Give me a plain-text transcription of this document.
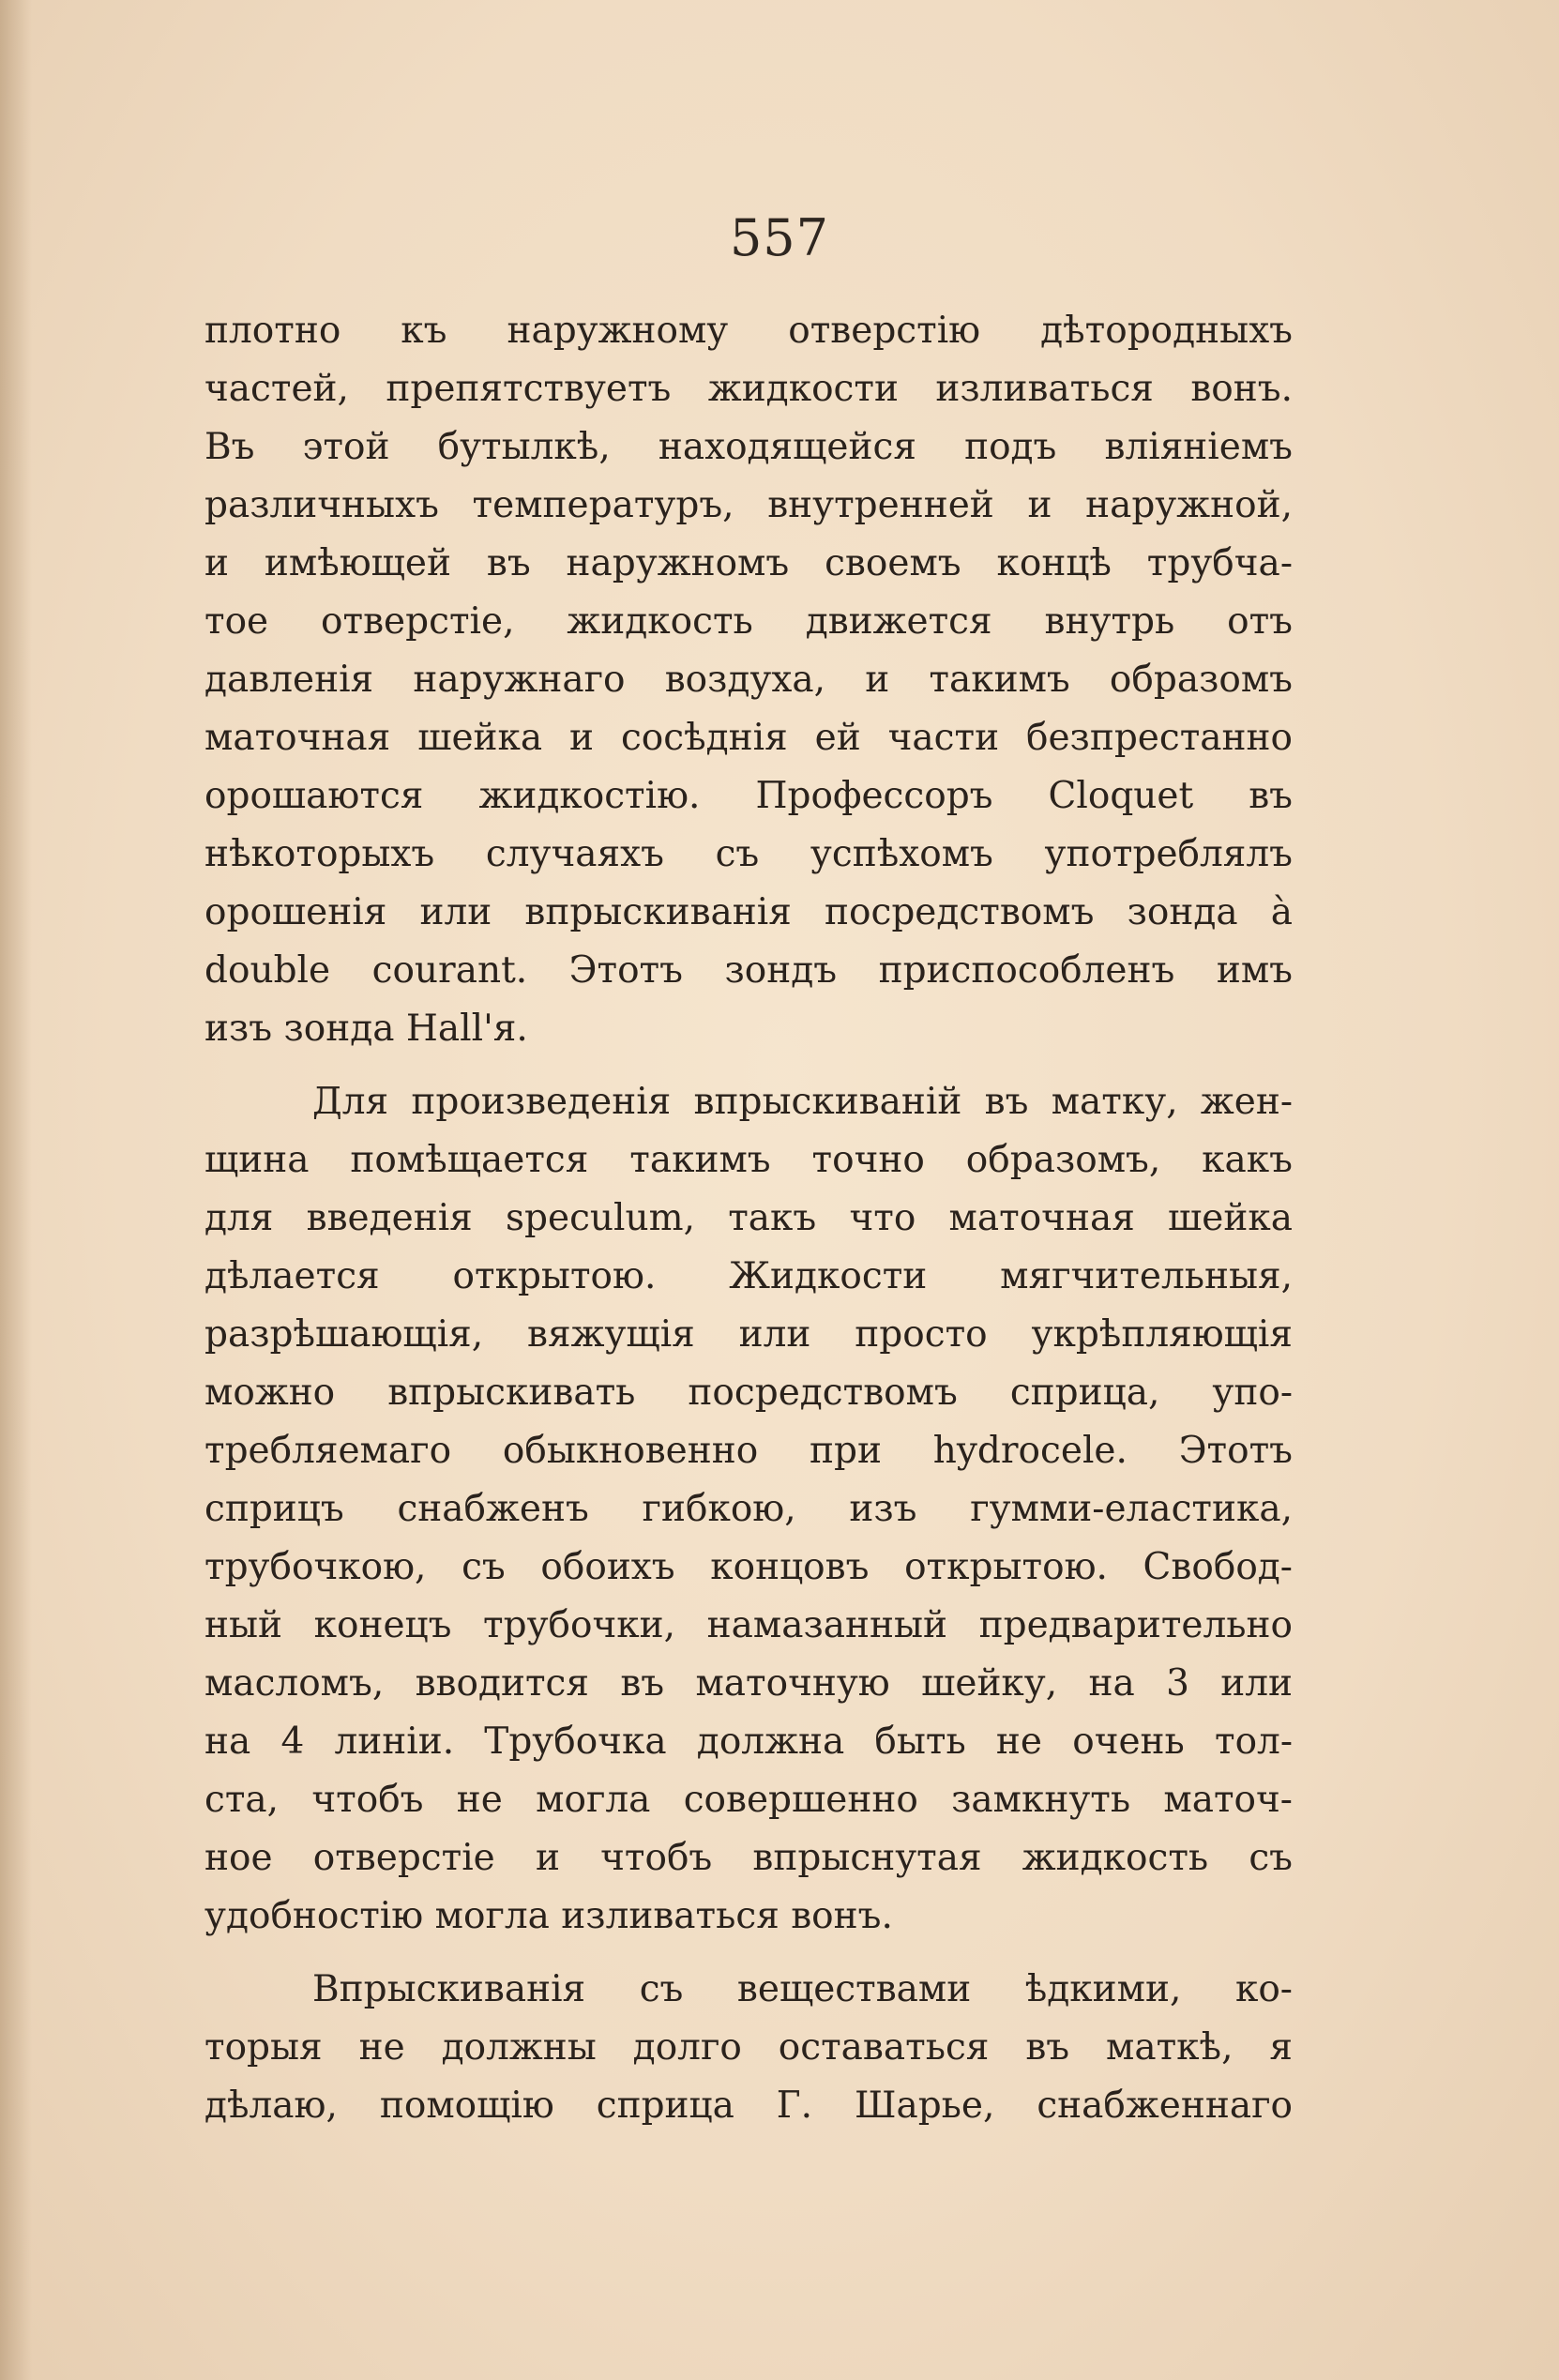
557
плотно къ наружному отверстію дѣтородныхъ
частей, препятствуетъ жидкости изливаться вонъ.
Въ этой бутылкѣ, находящейся подъ вліяніемъ
различныхъ температуръ, внутренней и наружной,
и имѣющей въ наружномъ своемъ концѣ трубча-
тое отверстіе, жидкость движется внутрь отъ
давленія наружнаго воздуха, и такимъ образомъ
маточная шейка и сосѣднія ей части безпрестанно
орошаются жидкостію. Профессоръ Cloquet въ
нѣкоторыхъ случаяхъ съ успѣхомъ употреблялъ
орошенія или впрыскиванія посредствомъ зонда à
double courant. Этотъ зондъ приспособленъ имъ
изъ зонда Hall'я.
Для произведенія впрыскиваній въ матку, жен-
щина помѣщается такимъ точно образомъ, какъ
для введенія speculum, такъ что маточная шейка
дѣлается открытою. Жидкости мягчительныя,
разрѣшающія, вяжущія или просто укрѣпляющія
можно впрыскивать посредствомъ сприца, упо-
требляемаго обыкновенно при hydrocele. Этотъ
сприцъ снабженъ гибкою, изъ гумми-еластика,
трубочкою, съ обоихъ концовъ открытою. Свобод-
ный конецъ трубочки, намазанный предварительно
масломъ, вводится въ маточную шейку, на 3 или
на 4 линіи. Трубочка должна быть не очень тол-
ста, чтобъ не могла совершенно замкнуть маточ-
ное отверстіе и чтобъ впрыснутая жидкость съ
удобностію могла изливаться вонъ.
Впрыскиванія съ веществами ѣдкими, ко-
торыя не должны долго оставаться въ маткѣ, я
дѣлаю, помощію сприца Г. Шарье, снабженнаго
